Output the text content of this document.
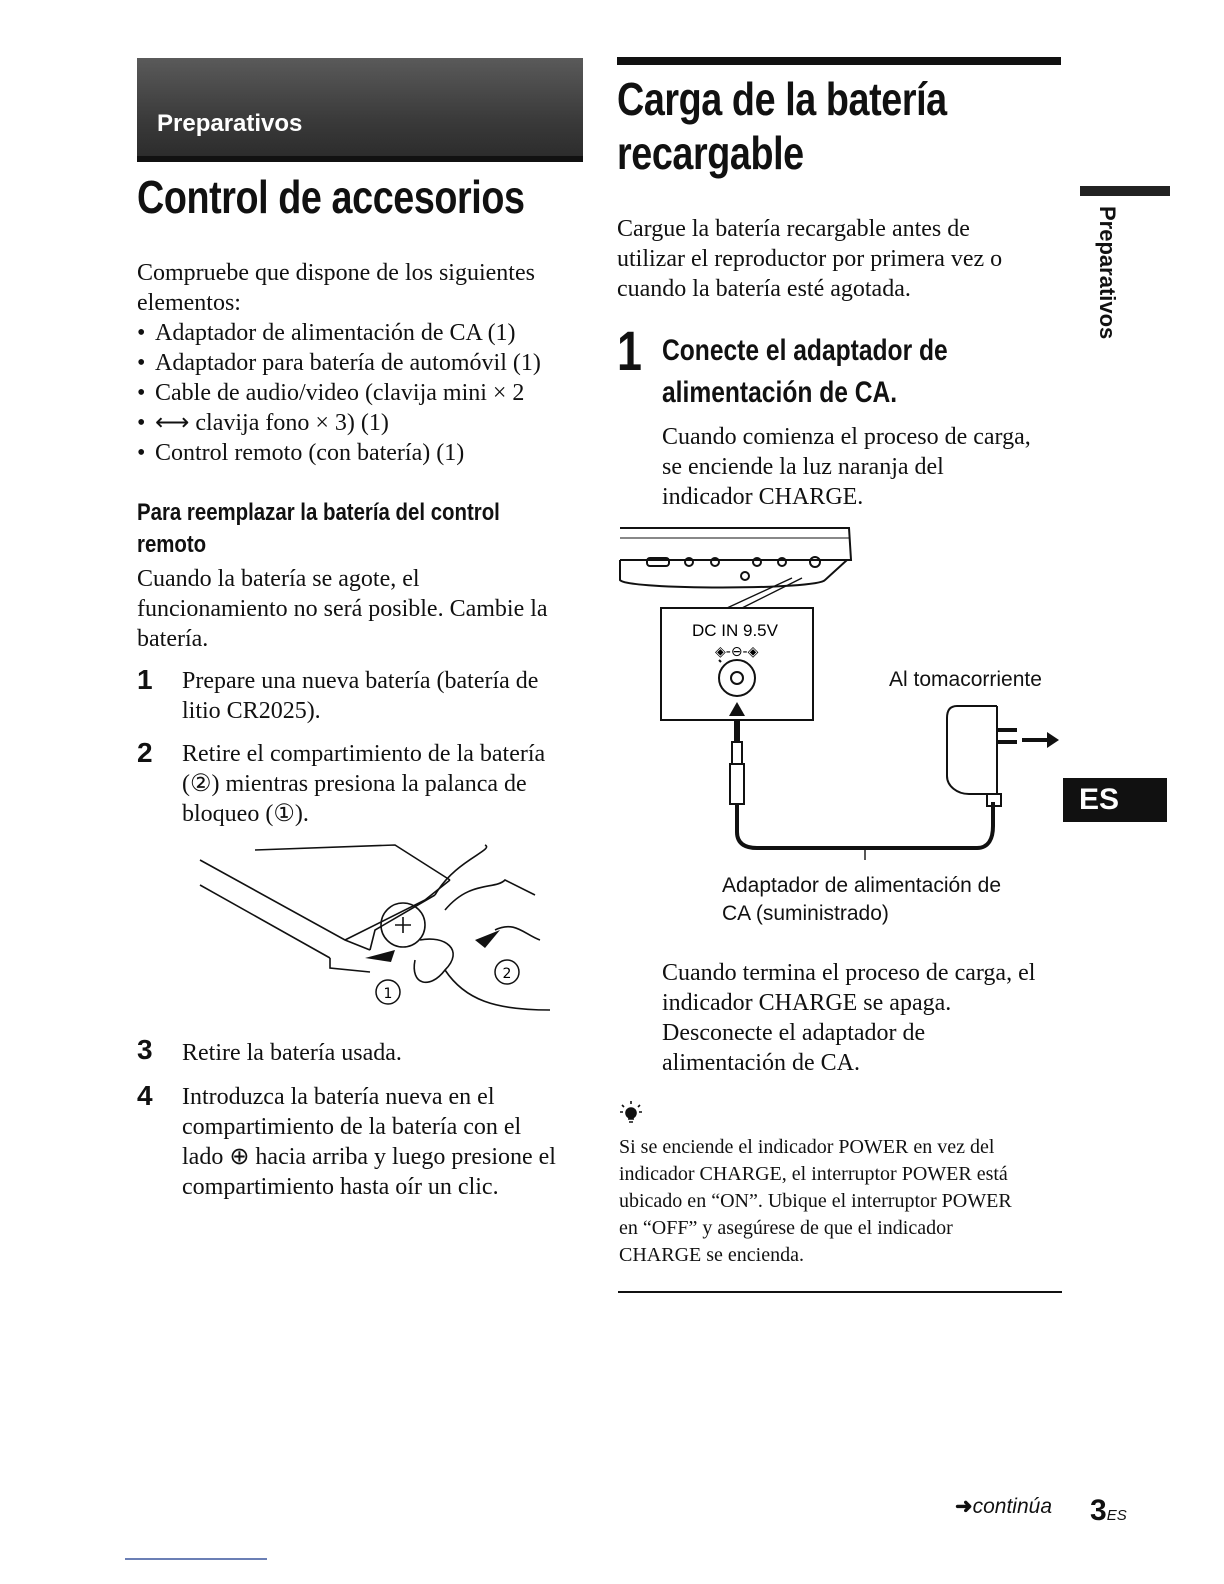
Preparativos
Control de accesorios
Compruebe que dispone de los siguientes elementos:
• Adaptador de alimentación de CA (1)
• Adaptador para batería de automóvil (1)
• Cable de audio/video (clavija mini × 2
• ⟷ clavija fono × 3) (1)
• Control remoto (con batería) (1)
Para reemplazar la batería del control
remoto
Cuando la batería se agote, el
funcionamiento no será posible. Cambie la
batería.
1 Prepare una nueva batería (batería de
litio CR2025).
2 Retire el compartimiento de la batería
(②) mientras presiona la palanca de
bloqueo (①).
1
2
3 Retire la batería usada.
4 Introduzca la batería nueva en el
compartimiento de la batería con el
lado ⊕ hacia arriba y luego presione el
compartimiento hasta oír un clic.
Carga de la batería
recargable
Cargue la batería recargable antes de
utilizar el reproductor por primera vez o
cuando la batería esté agotada.
1 Conecte el adaptador de
alimentación de CA.
Cuando comienza el proceso de carga,
se enciende la luz naranja del
indicador CHARGE.
DC IN 9.5V
◈-⊖-◈
Al tomacorriente
Adaptador de alimentación de
CA (suministrado)
Cuando termina el proceso de carga, el
indicador CHARGE se apaga.
Desconecte el adaptador de
alimentación de CA.
Si se enciende el indicador POWER en vez del
indicador CHARGE, el interruptor POWER está
ubicado en “ON”. Ubique el interruptor POWER
en “OFF” y asegúrese de que el indicador
CHARGE se encienda.
Preparativos
ES
➜continúa 3ES
